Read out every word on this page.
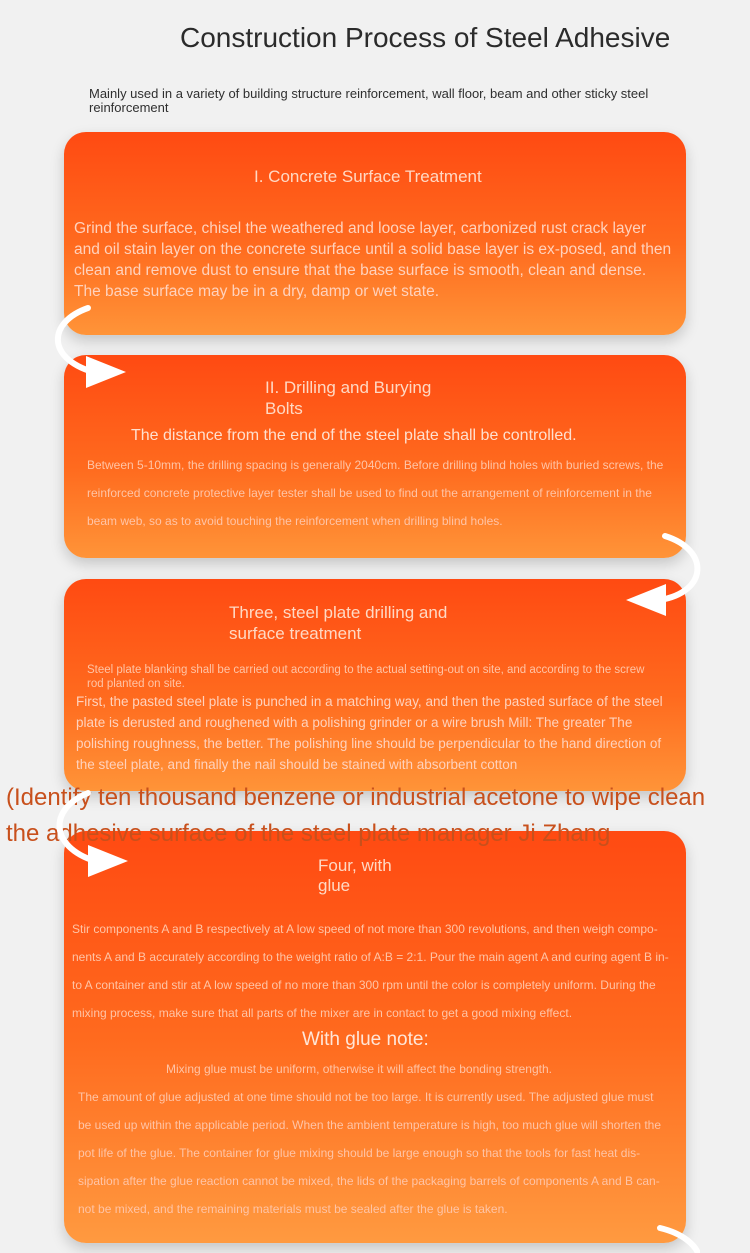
Construction Process of Steel Adhesive
Mainly used in a variety of building structure reinforcement, wall floor, beam and other sticky steel reinforcement
I. Concrete Surface Treatment
Grind the surface, chisel the weathered and loose layer, carbonized rust crack layer and oil stain layer on the concrete surface until a solid base layer is ex-posed, and then clean and remove dust to ensure that the base surface is smooth, clean and dense. The base surface may be in a dry, damp or wet state.
II. Drilling and Burying
Bolts
The distance from the end of the steel plate shall be controlled.
Between 5-10mm, the drilling spacing is generally 2040cm. Before drilling blind holes with buried screws, the reinforced concrete protective layer tester shall be used to find out the arrangement of reinforcement in the beam web, so as to avoid touching the reinforcement when drilling blind holes.
Three, steel plate drilling and
surface treatment
Steel plate blanking shall be carried out according to the actual setting-out on site, and according to the screw rod planted on site.
First, the pasted steel plate is punched in a matching way, and then the pasted surface of the steel plate is derusted and roughened with a polishing grinder or a wire brush Mill: The greater The polishing roughness, the better. The polishing line should be perpendicular to the hand direction of the steel plate, and finally the nail should be stained with absorbent cotton
Four, with
glue
Stir components A and B respectively at A low speed of not more than 300 revolutions, and then weigh compo-nents A and B accurately according to the weight ratio of A:B = 2:1. Pour the main agent A and curing agent B in-to A container and stir at A low speed of no more than 300 rpm until the color is completely uniform. During the mixing process, make sure that all parts of the mixer are in contact to get a good mixing effect.
With glue note:
Mixing glue must be uniform, otherwise it will affect the bonding strength.
The amount of glue adjusted at one time should not be too large. It is currently used. The adjusted glue must be used up within the applicable period. When the ambient temperature is high, too much glue will shorten the pot life of the glue. The container for glue mixing should be large enough so that the tools for fast heat dis-sipation after the glue reaction cannot be mixed, the lids of the packaging barrels of components A and B can-not be mixed, and the remaining materials must be sealed after the glue is taken.
(Identify ten thousand benzene or industrial acetone to wipe clean
the adhesive surface of the steel plate manager Ji Zhang
